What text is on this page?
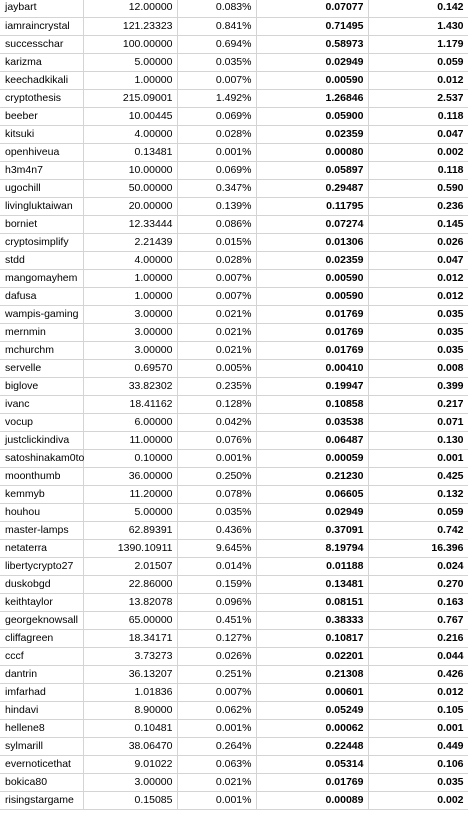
jaybart	12.00000	0.083%	0.07077	0.142
iamraincrystal	121.23323	0.841%	0.71495	1.430
successchar	100.00000	0.694%	0.58973	1.179
karizma	5.00000	0.035%	0.02949	0.059
keechadkikali	1.00000	0.007%	0.00590	0.012
cryptothesis	215.09001	1.492%	1.26846	2.537
beeber	10.00445	0.069%	0.05900	0.118
kitsuki	4.00000	0.028%	0.02359	0.047
openhiveua	0.13481	0.001%	0.00080	0.002
h3m4n7	10.00000	0.069%	0.05897	0.118
ugochill	50.00000	0.347%	0.29487	0.590
livingluktaiwan	20.00000	0.139%	0.11795	0.236
borniet	12.33444	0.086%	0.07274	0.145
cryptosimplify	2.21439	0.015%	0.01306	0.026
stdd	4.00000	0.028%	0.02359	0.047
mangomayhem	1.00000	0.007%	0.00590	0.012
dafusa	1.00000	0.007%	0.00590	0.012
wampis-gaming	3.00000	0.021%	0.01769	0.035
mernmin	3.00000	0.021%	0.01769	0.035
mchurchm	3.00000	0.021%	0.01769	0.035
servelle	0.69570	0.005%	0.00410	0.008
biglove	33.82302	0.235%	0.19947	0.399
ivanc	18.41162	0.128%	0.10858	0.217
vocup	6.00000	0.042%	0.03538	0.071
justclickindiva	11.00000	0.076%	0.06487	0.130
satoshinakam0to	0.10000	0.001%	0.00059	0.001
moonthumb	36.00000	0.250%	0.21230	0.425
kemmyb	11.20000	0.078%	0.06605	0.132
houhou	5.00000	0.035%	0.02949	0.059
master-lamps	62.89391	0.436%	0.37091	0.742
netaterra	1390.10911	9.645%	8.19794	16.396
libertycrypto27	2.01507	0.014%	0.01188	0.024
duskobgd	22.86000	0.159%	0.13481	0.270
keithtaylor	13.82078	0.096%	0.08151	0.163
georgeknowsall	65.00000	0.451%	0.38333	0.767
cliffagreen	18.34171	0.127%	0.10817	0.216
cccf	3.73273	0.026%	0.02201	0.044
dantrin	36.13207	0.251%	0.21308	0.426
imfarhad	1.01836	0.007%	0.00601	0.012
hindavi	8.90000	0.062%	0.05249	0.105
hellene8	0.10481	0.001%	0.00062	0.001
sylmarill	38.06470	0.264%	0.22448	0.449
evernoticethat	9.01022	0.063%	0.05314	0.106
bokica80	3.00000	0.021%	0.01769	0.035
risingstargame	0.15085	0.001%	0.00089	0.002
